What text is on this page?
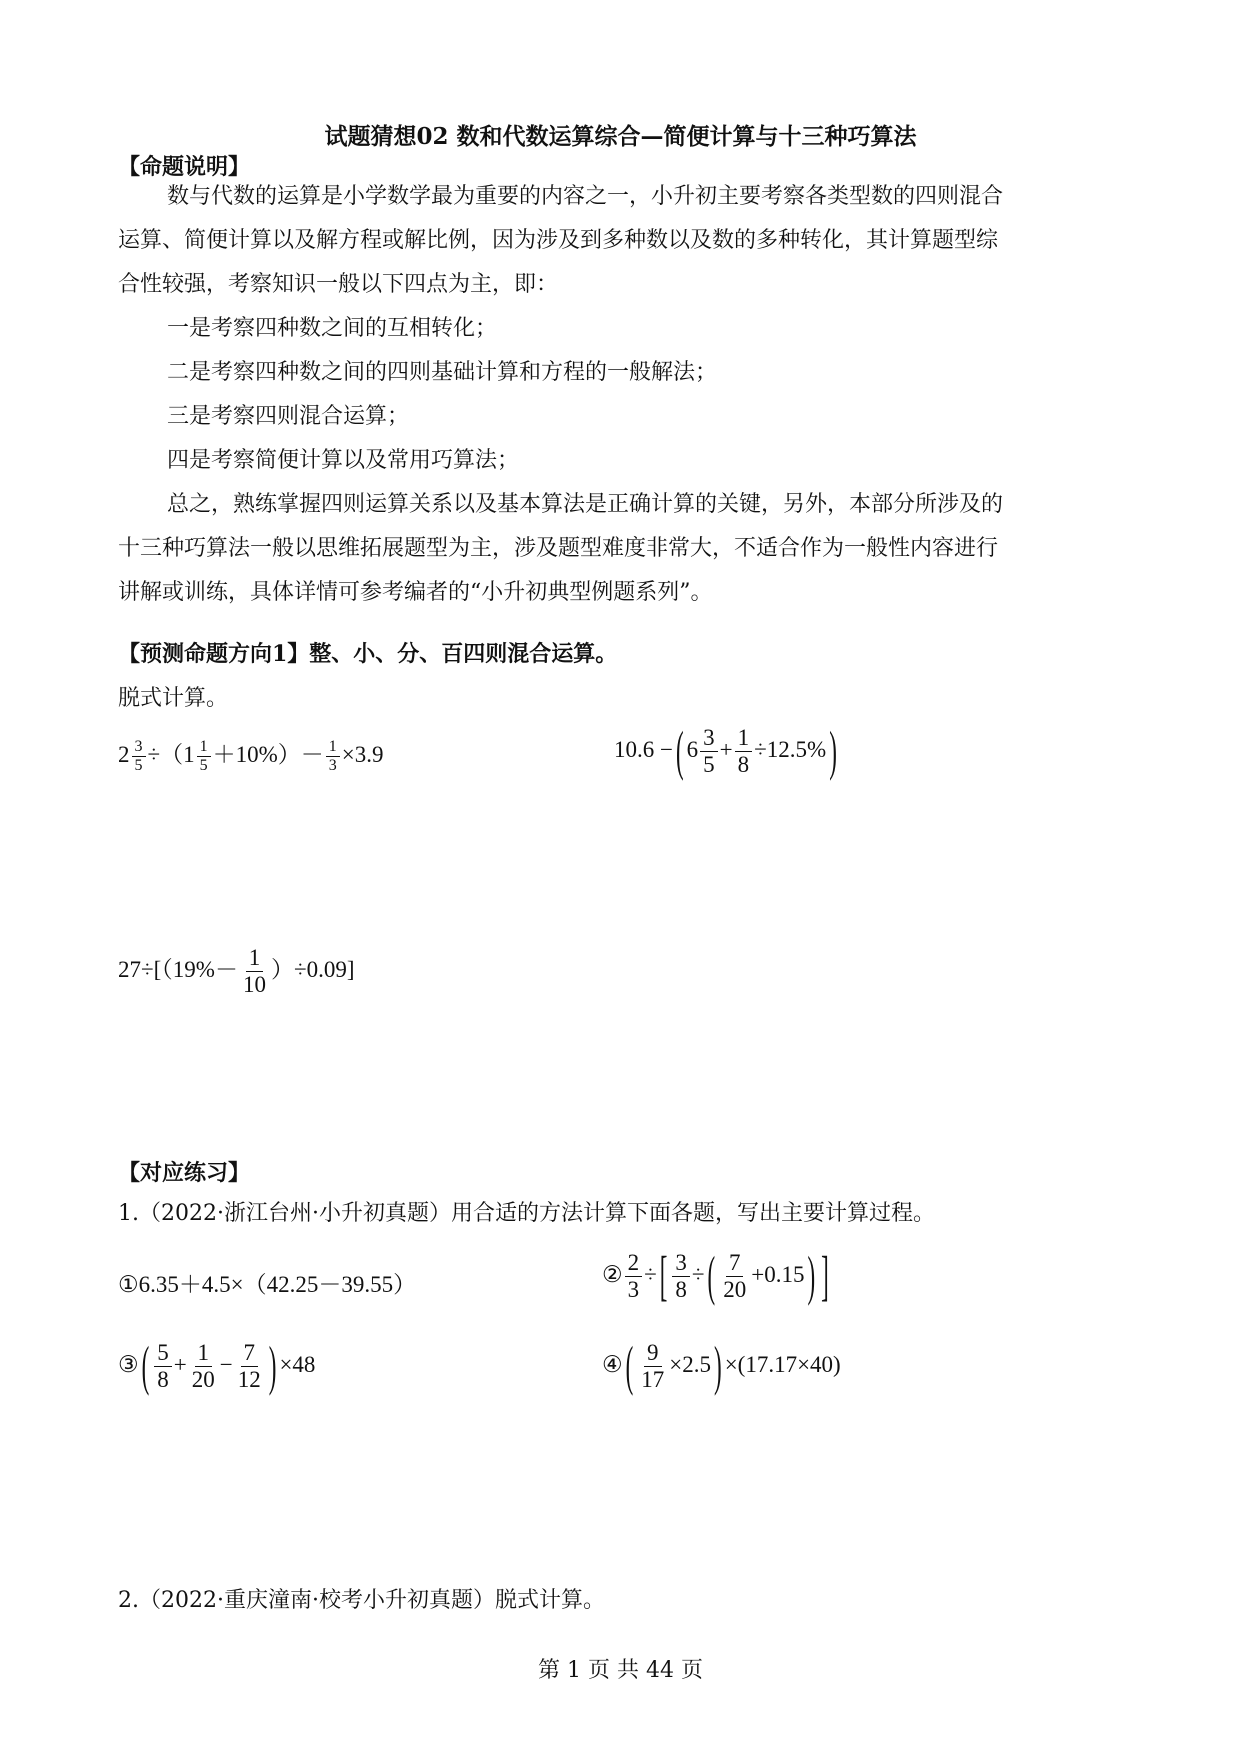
试题猜想02 数和代数运算综合—简便计算与十三种巧算法
【命题说明】
数与代数的运算是小学数学最为重要的内容之一，小升初主要考察各类型数的四则混合
运算、简便计算以及解方程或解比例，因为涉及到多种数以及数的多种转化，其计算题型综
合性较强，考察知识一般以下四点为主，即：
一是考察四种数之间的互相转化；
二是考察四种数之间的四则基础计算和方程的一般解法；
三是考察四则混合运算；
四是考察简便计算以及常用巧算法；
总之，熟练掌握四则运算关系以及基本算法是正确计算的关键，另外，本部分所涉及的
十三种巧算法一般以思维拓展题型为主，涉及题型难度非常大，不适合作为一般性内容进行
讲解或训练，具体详情可参考编者的“小升初典型例题系列”。
【预测命题方向1】整、小、分、百四则混合运算。
脱式计算。
$2 \frac{3}{5} \div(1 \frac{1}{5} +10\%)- \frac{1}{3} \times 3.9$	10.6 − ( $6 \frac{3}{5} + \frac{1}{8} \div 12.5\%$ )
$27\div[(19\%- \frac{1}{10} )\div 0.09]$
【对应练习】
1.（2022·浙江台州·小升初真题）用合适的方法计算下面各题，写出主要计算过程。
①6.35＋4.5×（42.25－39.55）	② $\frac{2}{3}$ ÷ [ $\frac{3}{8}$ ÷ ( $\frac{7}{20} +0.15$ ) ]
③ ( $\frac{5}{8} + \frac{1}{20} - \frac{7}{12}$ ) ×48	④ ( $\frac{9}{17} \times 2.5$ ) ×(17.17×40)
2.（2022·重庆潼南·校考小升初真题）脱式计算。
第 1 页 共 44 页
